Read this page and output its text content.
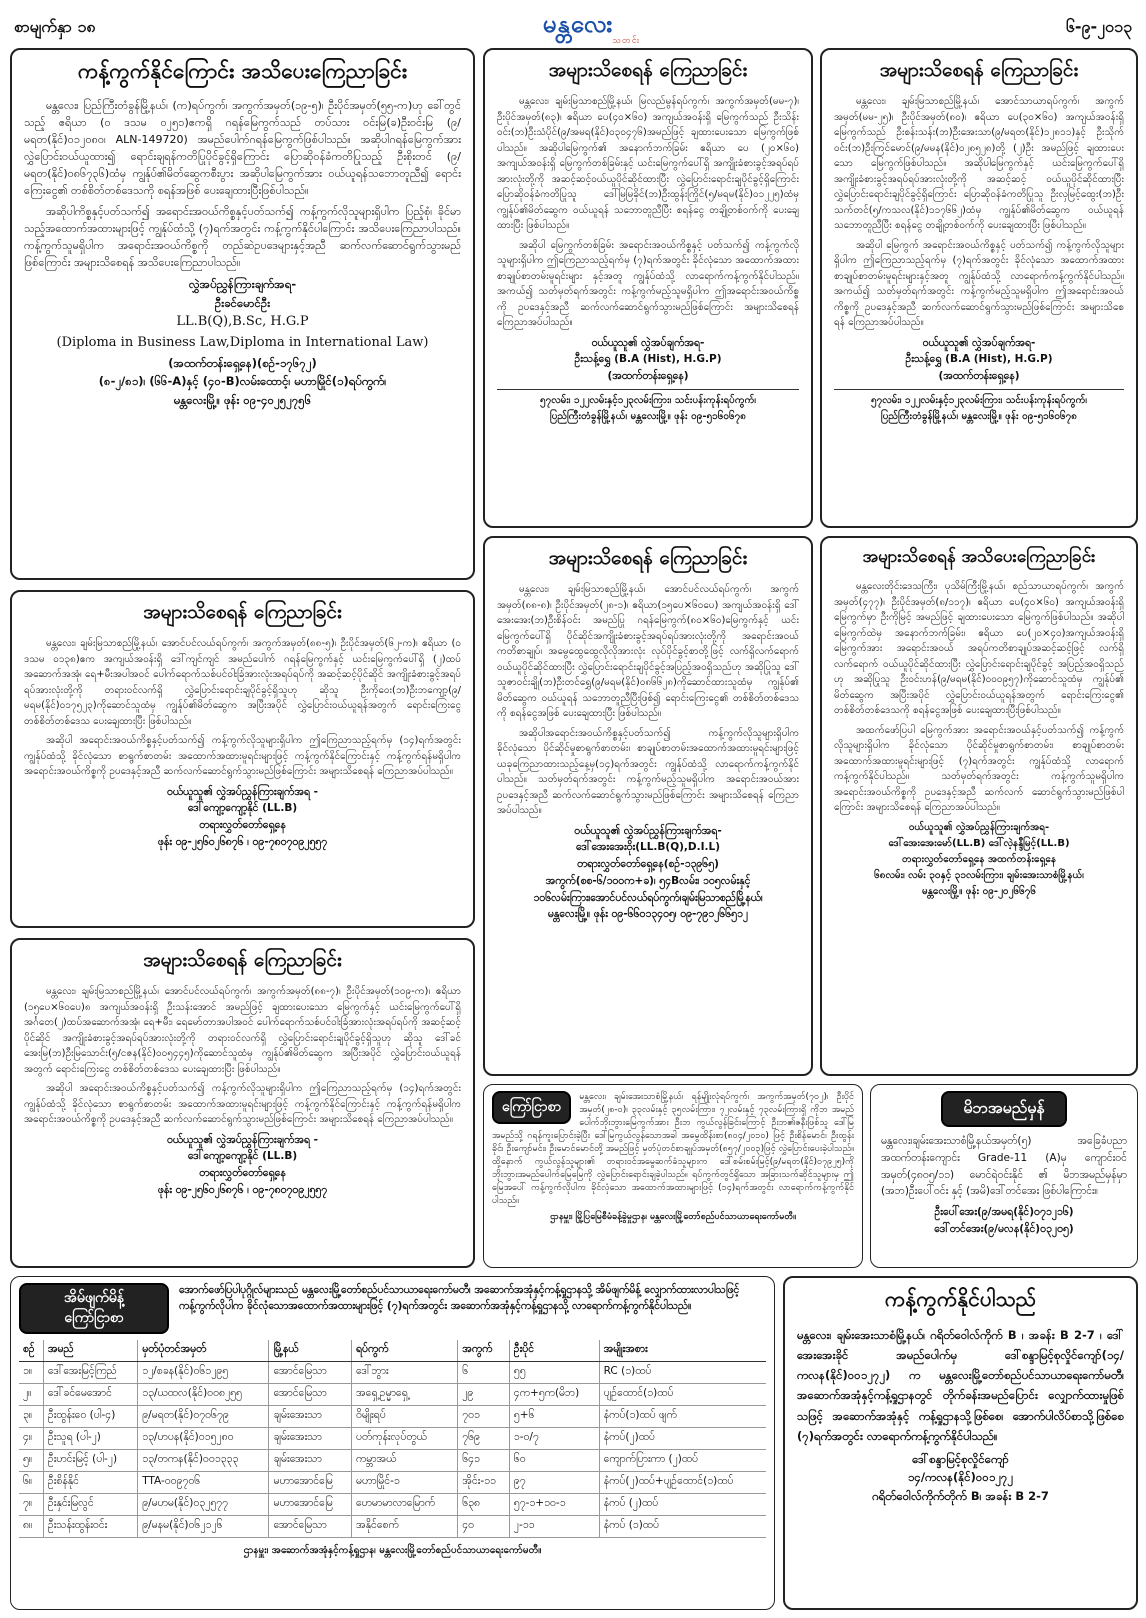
စာမျက်နှာ ၁၈	မန္တလေး
သတင်း
၆-၉-၂၀၁၃
ကန့်ကွက်နိုင်ကြောင်း အသိပေးကြေညာခြင်း

မန္တလေး၊ ပြည်ကြီးတံခွန်မြို့နယ်၊ (က)ရပ်ကွက်၊ အကွက်အမှတ်(၁၉-၅)၊ ဦးပိုင်အမှတ်(၅၅-က)ဟု ခေါ်တွင်သည့် ဧရိယာ (၀ ဒသမ ၀၂၅၁)ဧကရှိ ဂရန်မြေကွက်သည် တပ်သား ဝင်းမြ(ခ)ဦးဝင်းမြ (၉/မရတ(နိုင်)၀၁၂၀၈၀၊ ALN-149720) အမည်ပေါက်ဂရန်မြေကွက်ဖြစ်ပါသည်။ အဆိုပါဂရန်မြေကွက်အား လွှဲပြောင်းဝယ်ယူထား၍ ရောင်းချရန်ကတိပြုပိုင်ခွင့်ရှိကြောင်း ပြောဆိုဝန်ခံကတိပြုသည့် ဦးစိုးတင် (၉/မရတ(နိုင်)၀၈၆၇၃၆)ထံမှ ကျွန်ုပ်၏မိတ်ဆွေကစီးပွား အဆိုပါမြေကွက်အား ဝယ်ယူရန်သဘောတူညီ၍ ရောင်းကြေးငွေ၏ တစ်စိတ်တစ်ဒေသကို စရန်အဖြစ် ပေးချေထားပြီးဖြစ်ပါသည်။

အဆိုပါကိစ္စနှင့်ပတ်သက်၍ အရောင်းအဝယ်ကိစ္စနှင့်ပတ်သက်၍ ကန့်ကွက်လိုသူများရှိပါက ပြည့်စုံ၊ ခိုင်မာသည့်အထောက်အထားများဖြင့် ကျွန်ုပ်ထံသို့ (၇)ရက်အတွင်း ကန့်ကွက်နိုင်ပါကြောင်း အသိပေးကြေညာပါသည်။ ကန့်ကွက်သူမရှိပါက အရောင်းအဝယ်ကိစ္စကို တည်ဆဲဥပဒေများနှင့်အညီ ဆက်လက်ဆောင်ရွက်သွားမည်ဖြစ်ကြောင်း အများသိစေရန် အသိပေးကြေညာပါသည်။

လွှဲအပ်ညွှန်ကြားချက်အရ-
ဦးခင်မောင်ဦး
LL.B(Q),B.Sc, H.G.P
(Diploma in Business Law,Diploma in International Law)
(အထက်တန်းရှေ့နေ)(စဉ်-၁၇၆၇၂)
(၈-၂/၈၁)၊ (၆၆-A)နှင့် (၄၀-B)လမ်းထောင့်၊ မဟာမြိုင်(၁)ရပ်ကွက်၊
မန္တလေးမြို့။ ဖုန်း ၀၉-၄၀၂၅၂၇၅၆
အများသိစေရန် ကြေညာခြင်း

မန္တလေး၊ ချမ်းမြသာစည်မြို့နယ်၊ မြလည်မွန်ရပ်ကွက်၊ အကွက်အမှတ်(မမ-၇)၊ ဦးပိုင်အမှတ်(၈၃)၊ ဧရိယာ ပေ(၄၀×၆၀) အကျယ်အဝန်းရှိ မြေကွက်သည် ဦးသိန်းဝင်း(ဘ)ဦးသံပိုင်(၉/အမရ(နိုင်)၀၃၀၄၇၆)အမည်ဖြင့် ချထားပေးသော မြေကွက်ဖြစ်ပါသည်။ အဆိုပါမြေကွက်၏ အနောက်ဘက်ခြမ်း ဧရိယာ ပေ (၂၀×၆၀) အကျယ်အဝန်းရှိ မြေကွက်တစ်ခြမ်းနှင့် ယင်းမြေကွက်ပေါ်ရှိ အကျိုးခံစားခွင့်အရပ်ရပ်အားလုံးတို့ကို အဆင့်ဆင့်ဝယ်ယူပိုင်ဆိုင်ထားပြီး လွှဲပြောင်းရောင်းချပိုင်ခွင့်ရှိကြောင်း ပြောဆိုဝန်ခံကတိပြုသူ ဒေါ်မြမြခိုင်(ဘ)ဦးထွန်းကြိုင်(၅/မရမ(နိုင်)၀၁၂၂၅)ထံမှ ကျွန်ုပ်၏မိတ်ဆွေက ဝယ်ယူရန် သဘောတူညီပြီး စရန်ငွေ တချို့တစ်ဝက်ကို ပေးချေထားပြီး ဖြစ်ပါသည်။

အဆိုပါ မြေကွက်တစ်ခြမ်း အရောင်းအဝယ်ကိစ္စနှင့် ပတ်သက်၍ ကန့်ကွက်လိုသူများရှိပါက ဤကြေညာသည့်ရက်မှ (၇)ရက်အတွင်း ခိုင်လုံသော အထောက်အထား စာချုပ်စာတမ်းမူရင်းများ နှင့်အတူ ကျွန်ုပ်ထံသို့ လာရောက်ကန့်ကွက်နိုင်ပါသည်။အကယ်၍ သတ်မှတ်ရက်အတွင်း ကန့်ကွက်မည့်သူမရှိပါက ဤအရောင်းအဝယ်ကိစ္စကို ဥပဒေနှင့်အညီ ဆက်လက်ဆောင်ရွက်သွားမည်ဖြစ်ကြောင်း အများသိစေရန် ကြေညာအပ်ပါသည်။

ဝယ်ယူသူ၏ လွှဲအပ်ချက်အရ-
ဦးသန့်ရွှေ (B.A (Hist), H.G.P)
(အထက်တန်းရှေ့နေ)
၅၇လမ်း၊ ၁၂၂လမ်းနှင့်၁၂၃လမ်းကြား၊ သင်းပန်းကုန်းရပ်ကွက်၊
ပြည်ကြီးတံခွန်မြို့နယ်၊ မန္တလေးမြို့။ ဖုန်း ၀၉-၅၁၆၀၆၇၈
အများသိစေရန် ကြေညာခြင်း

မန္တလေး၊ ချမ်းမြသာစည်မြို့နယ်၊ အောင်သာယာရပ်ကွက်၊ အကွက်အမှတ်(မမ-၂၅)၊ ဦးပိုင်အမှတ်(၈၀)၊ ဧရိယာ ပေ(၃၀×၆၀) အကျယ်အဝန်းရှိ မြေကွက်သည် ဦးစန်းသန်း(ဘ)ဦးအေးသာ(၉/မရတ(နိုင်)၁၂၈၁၁)နှင့် ဦးသိုက်ဝင်း(ဘ)ဦးကြင်မောင်(၉/မမန(နိုင်)၀၂၈၅၂၈)တို့ (၂)ဦး အမည်ဖြင့် ချထားပေးသော မြေကွက်ဖြစ်ပါသည်။ အဆိုပါမြေကွက်နှင့် ယင်းမြေကွက်ပေါ်ရှိ အကျိုးခံစားခွင့်အရပ်ရပ်အားလုံးတို့ကို အဆင့်ဆင့် ဝယ်ယူပိုင်ဆိုင်ထားပြီး လွှဲပြောင်းရောင်းချပိုင်ခွင့်ရှိကြောင်း ပြောဆိုဝန်ခံကတိပြုသူ ဦးလှမြင့်ထွေး(ဘ)ဦးသက်တင်(၅/ကသလ(နိုင်)၁၁၇၆၆၂)ထံမှ ကျွန်ုပ်၏မိတ်ဆွေက ဝယ်ယူရန် သဘောတူညီပြီး စရန်ငွေ တချို့တစ်ဝက်ကို ပေးချေထားပြီး ဖြစ်ပါသည်။

အဆိုပါ မြေကွက် အရောင်းအဝယ်ကိစ္စနှင့် ပတ်သက်၍ ကန့်ကွက်လိုသူများရှိပါက ဤကြေညာသည့်ရက်မှ (၇)ရက်အတွင်း ခိုင်လုံသော အထောက်အထား စာချုပ်စာတမ်းမူရင်းများနှင့်အတူ ကျွန်ုပ်ထံသို့ လာရောက်ကန့်ကွက်နိုင်ပါသည်။ အကယ်၍ သတ်မှတ်ရက်အတွင်း ကန့်ကွက်မည့်သူမရှိပါက ဤအရောင်းအဝယ်ကိစ္စကို ဥပဒေနှင့်အညီ ဆက်လက်ဆောင်ရွက်သွားမည်ဖြစ်ကြောင်း အများသိစေရန် ကြေညာအပ်ပါသည်။

ဝယ်ယူသူ၏ လွှဲအပ်ချက်အရ-
ဦးသန့်ရွှေ (B.A (Hist), H.G.P)
(အထက်တန်းရှေ့နေ)
၅၇လမ်း၊ ၁၂၂လမ်းနှင့်၁၂၃လမ်းကြား၊ သင်းပန်းကုန်းရပ်ကွက်၊
ပြည်ကြီးတံခွန်မြို့နယ်၊ မန္တလေးမြို့။ ဖုန်း ၀၉-၅၁၆၀၆၇၈
အများသိစေရန် ကြေညာခြင်း

မန္တလေး၊ ချမ်းမြသာစည်မြို့နယ်၊ အောင်ပင်လယ်ရပ်ကွက်၊ အကွက်အမှတ်(၈၈-၅)၊ ဦးပိုင်အမှတ်(၆၂-က)၊ ဧရိယာ (၀ ဒသမ ၀၁၃၈)ဧက အကျယ်အဝန်းရှိ ဒေါ်ကျင်ကျင် အမည်ပေါက် ဂရန်မြေကွက်နှင့် ယင်းမြေကွက်ပေါ်ရှိ (၂)ထပ်အဆောက်အအုံ၊ ရေ+မီးအပါအဝင် ပေါက်ရောက်သစ်ပင်ဝါးခြံအားလုံးအရပ်ရပ်ကို အဆင့်ဆင့်ပိုင်ဆိုင် အကျိုးခံစားခွင့်အရပ်ရပ်အားလုံးတို့ကို တရားဝင်လက်ရှိ လွှဲပြောင်းရောင်းချပိုင်ခွင့်ရှိသူဟု ဆိုသူ ဦးကိုဝေး(ဘ)ဦးဘကျော့(၉/မရမ(နိုင်)၀၁၇၅၂၃)ကိုဆောင်သူထံမှ ကျွန်ုပ်၏မိတ်ဆွေက အပြီးအပိုင် လွှဲပြောင်းဝယ်ယူရန်အတွက် ရောင်းကြေးငွေ တစ်စိတ်တစ်ဒေသ ပေးချေထားပြီး ဖြစ်ပါသည်။

အဆိုပါ အရောင်းအဝယ်ကိစ္စနှင့်ပတ်သက်၍ ကန့်ကွက်လိုသူများရှိပါက ဤကြေညာသည့်ရက်မှ (၁၄)ရက်အတွင်း ကျွန်ုပ်ထံသို့ ခိုင်လုံသော စာရွက်စာတမ်း အထောက်အထားမူရင်းများဖြင့် ကန့်ကွက်နိုင်ကြောင်းနှင့် ကန့်ကွက်ရန်မရှိပါက အရောင်းအဝယ်ကိစ္စကို ဥပဒေနှင့်အညီ ဆက်လက်ဆောင်ရွက်သွားမည်ဖြစ်ကြောင်း အများသိစေရန် ကြေညာအပ်ပါသည်။

ဝယ်ယူသူ၏ လွှဲအပ်ညွှန်ကြားချက်အရ -
ဒေါ်ကျော့ကျော့နိုင် (LL.B)
တရားလွှတ်တော်ရှေ့နေ
ဖုန်း ၀၉-၂၅၆၀၂၆၈၇၆ ၊ ၀၉-၇၈၀၇၀၉၂၅၅၇
အများသိစေရန် ကြေညာခြင်း

မန္တလေး၊ ချမ်းမြသာစည်မြို့နယ်၊ အောင်ပင်လယ်ရပ်ကွက်၊ အကွက်အမှတ်(၈၈-၇)၊ ဦးပိုင်အမှတ်(၁၀၉-က)၊ ဧရိယာ (၁၅ပေ×၆၀ပေ)၈ အကျယ်အဝန်းရှိ ဦးသန်းအောင် အမည်ဖြင့် ချထားပေးသော မြေကွက်နှင့် ယင်းမြေကွက်ပေါ်ရှိ အင်္ဂတေ(၂)ထပ်အဆောက်အအုံ၊ ရေ+မီး၊ ရေမော်တာအပါအဝင် ပေါက်ရောက်သစ်ပင်ဝါးခြံအားလုံးအရပ်ရပ်ကို အဆင့်ဆင့်ပိုင်ဆိုင် အကျိုးခံစားခွင့်အရပ်ရပ်အားလုံးတို့ကို တရားဝင်လက်ရှိ လွှဲပြောင်းရောင်းချပိုင်ခွင့်ရှိသူဟု ဆိုသူ ဒေါ်ခင်အေးမြ(ဘ)ဦးမြသောင်း(၅/ငဇန(နိုင်)၀၀၅၄၄၅)ကိုဆောင်သူထံမှ ကျွန်ုပ်၏မိတ်ဆွေက အပြီးအပိုင် လွှဲပြောင်းဝယ်ယူရန်အတွက် ရောင်းကြေးငွေ တစ်စိတ်တစ်ဒေသ ပေးချေထားပြီး ဖြစ်ပါသည်။

အဆိုပါ အရောင်းအဝယ်ကိစ္စနှင့်ပတ်သက်၍ ကန့်ကွက်လိုသူများရှိပါက ဤကြေညာသည့်ရက်မှ (၁၄)ရက်အတွင်း ကျွန်ုပ်ထံသို့ ခိုင်လုံသော စာရွက်စာတမ်း အထောက်အထားမူရင်းများဖြင့် ကန့်ကွက်နိုင်ကြောင်းနှင့် ကန့်ကွက်ရန်မရှိပါက အရောင်းအဝယ်ကိစ္စကို ဥပဒေနှင့်အညီ ဆက်လက်ဆောင်ရွက်သွားမည်ဖြစ်ကြောင်း အများသိစေရန် ကြေညာအပ်ပါသည်။

ဝယ်ယူသူ၏ လွှဲအပ်ညွှန်ကြားချက်အရ -
ဒေါ်ကျော့ကျော့နိုင် (LL.B)
တရားလွှတ်တော်ရှေ့နေ
ဖုန်း ၀၉-၂၅၆၀၂၆၈၇၆ ၊ ၀၉-၇၈၀၇၀၉၂၅၅၇
အများသိစေရန် ကြေညာခြင်း

မန္တလေး၊ ချမ်းမြသာစည်မြို့နယ်၊ အောင်ပင်လယ်ရပ်ကွက်၊ အကွက်အမှတ်(၈၈-၈)၊ ဦးပိုင်အမှတ်(၂၈-၁)၊ ဧရိယာ(၁၅ပေ×၆၀ပေ) အကျယ်အဝန်းရှိ ဒေါ်အေးအေး(ဘ)ဦးစိန်ဝင်း အမည်ပြု ဂရန်မြေကွက်(၈၀×၆၀)မြေကွက်နှင့် ယင်းမြေကွက်ပေါ်ရှိ ပိုင်ဆိုင်အကျိုးခံစားခွင့်အရပ်ရပ်အားလုံးတို့ကို အရောင်းအဝယ်ကတိစာချုပ်၊ အမွေထွေထွေလိုလိုအားလုံး လုပ်ပိုင်ခွင့်စာတို့ဖြင့် လက်ရှိလက်ရောက် ဝယ်ယူပိုင်ဆိုင်ထားပြီး လွှဲပြောင်းရောင်းချပိုင်ခွင့်အပြည့်အဝရှိသည်ဟု အဆိုပြုသူ ဒေါ်သူဇာဝင်းချို(ဘ)ဦးတင်ရွှေ(၉/မရမ(နိုင်)၀၈၆၆၂၈)ကိုဆောင်ထားသူထံမှ ကျွန်ုပ်၏ မိတ်ဆွေက ဝယ်ယူရန် သဘောတူညီပြီးဖြစ်၍ ရောင်းကြေးငွေ၏ တစ်စိတ်တစ်ဒေသကို စရန်ငွေအဖြစ် ပေးချေထားပြီး ဖြစ်ပါသည်။

အဆိုပါအရောင်းအဝယ်ကိစ္စနှင့်ပတ်သက်၍ ကန့်ကွက်လိုသူများရှိပါက ခိုင်လုံသော ပိုင်ဆိုင်မှုစာရွက်စာတမ်း၊ စာချုပ်စာတမ်းအထောက်အထားမူရင်းများဖြင့် ယခုကြေညာထားသည့်နေ့မှ(၁၄)ရက်အတွင်း ကျွန်ုပ်ထံသို့ လာရောက်ကန့်ကွက်နိုင်ပါသည်။ သတ်မှတ်ရက်အတွင်း ကန့်ကွက်မည့်သူမရှိပါက အရောင်းအဝယ်အား ဥပဒေနှင့်အညီ ဆက်လက်ဆောင်ရွက်သွားမည်ဖြစ်ကြောင်း အများသိစေရန် ကြေညာအပ်ပါသည်။

ဝယ်ယူသူ၏ လွှဲအပ်ညွှန်ကြားချက်အရ-
ဒေါ်အေးအေးဝိုး(LL.B(Q),D.I.L)
တရားလွှတ်တော်ရှေ့နေ(စဉ်-၁၃၉၆၅)
အကွက်(စစ-၆/၁၀၀က+ခ)၊ ၅၄Bလမ်း၊ ၁၀၅လမ်းနှင့်
၁၀၆လမ်းကြား၊အောင်ပင်လယ်ရပ်ကွက်၊ချမ်းမြသာစည်မြို့နယ်၊
မန္တလေးမြို့။ ဖုန်း ၀၉-၆၆၀၁၃၄၀၅၊ ၀၉-၇၉၁၂၆၆၅၁၂
အများသိစေရန် အသိပေးကြေညာခြင်း

မန္တလေးတိုင်းဒေသကြီး၊ ပုသိမ်ကြီးမြို့နယ်၊ စည်သာယာရပ်ကွက်၊ အကွက်အမှတ်(၄၇၇)၊ ဦးပိုင်အမှတ်(၈/၁၁၇)၊ ဧရိယာ ပေ(၄၀×၆၀) အကျယ်အဝန်းရှိ မြေကွက်မှာ ဦးကိုမြင့် အမည်ဖြင့် ချထားပေးသော မြေကွက်ဖြစ်ပါသည်။ အဆိုပါမြေကွက်ထဲမှ အနောက်ဘက်ခြမ်း၊ ဧရိယာ ပေ(၂၀×၄၀)အကျယ်အဝန်းရှိ မြေကွက်အား အရောင်းအဝယ် အရပ်ကတိစာချုပ်အဆင့်ဆင့်ဖြင့် လက်ရှိလက်ရောက် ဝယ်ယူပိုင်ဆိုင်ထားပြီး လွှဲပြောင်းရောင်းချပိုင်ခွင့် အပြည့်အဝရှိသည်ဟု အဆိုပြုသူ ဦးဝင်းဟန်(၉/မရမ(နိုင်)၀၀၀၉၅၇)ကိုဆောင်သူထံမှ ကျွန်ုပ်၏ မိတ်ဆွေက အပြီးအပိုင် လွှဲပြောင်းဝယ်ယူရန်အတွက် ရောင်းကြေးငွေ၏ တစ်စိတ်တစ်ဒေသကို စရန်ငွေအဖြစ် ပေးချေထားပြီးဖြစ်ပါသည်။

အထက်ဖော်ပြပါ မြေကွက်အား အရောင်းအဝယ်နှင့်ပတ်သက်၍ ကန့်ကွက်လိုသူများရှိပါက ခိုင်လုံသော ပိုင်ဆိုင်မှုစာရွက်စာတမ်း၊ စာချုပ်စာတမ်းအထောက်အထားမူရင်းများဖြင့် (၇)ရက်အတွင်း ကျွန်ုပ်ထံသို့ လာရောက်ကန့်ကွက်နိုင်ပါသည်။ သတ်မှတ်ရက်အတွင်း ကန့်ကွက်သူမရှိပါက အရောင်းအဝယ်ကိစ္စကို ဥပဒေနှင့်အညီ ဆက်လက် ဆောင်ရွက်သွားမည်ဖြစ်ပါကြောင်း အများသိစေရန် ကြေညာအပ်ပါသည်။

ဝယ်ယူသူ၏ လွှဲအပ်ညွှန်ကြားချက်အရ-
ဒေါ်အေးအေးမော်(LL.B) ဒေါ်လဲ့နန္ဒီမြင့်(LL.B)
တရားလွှတ်တော်ရှေ့နေ အထက်တန်းရှေ့နေ
၆၈လမ်း၊ လမ်း ၃၀နှင့် ၃၁လမ်းကြား၊ ချမ်းအေးသာစံမြို့နယ်၊
မန္တလေးမြို့။ ဖုန်း ၀၉-၂၀၂၆၆၇၆
ကြော်ငြာစာ
မန္တလေး၊ ချမ်းအေးသာစံမြို့နယ်၊ ရန်မျိုးလုံရပ်ကွက်၊ အကွက်အမှတ်(၇၀၂)၊ ဦးပိုင်အမှတ်(၂၈-၀)၊ ၃၃လမ်းနှင့် ၃၅လမ်းကြား၊ ၇၂လမ်းနှင့် ၇၃လမ်းကြားရှိ ကိုဘ အမည်ပေါက်ဘိုးဘွားမြေကွက်အား ဦးဘ ကွယ်လွန်ခြင်းကြောင့် ဦးဘ၏ဇနီးဖြစ်သူ ဒေါ်မြ အမည်သို့ ဂရန်ကူးပြောင်းခဲ့ပြီး ဒေါ်မြကွယ်လွန်သောအခါ အမွေထိန်းစာ(၈၀၄/၂၀၁၀) ဖြင့် ဦးစိန်မောင်၊ ဦးထွန်းခိုင်၊ ဦးကျော်မင်း၊ ဦးမောင်မောင်တို့ အမည်ဖြင့် မှတ်ပုံတင်စာချုပ်အမှတ်(၈၅၇/၂၀၀၃)ဖြင့် လွှဲပြောင်းပေးခဲ့ပါသည်။ ထို့နောက် ကွယ်လွန်သူများ၏ တရားဝင်အမွေဆက်ခံသူများက ဒေါ်စမ်းစမ်းမြင့်(၉/မရတ(နိုင်)၀၇၉၂၅)ကို ဘိုးဘွားအမည်ပေါက်မြေမြေကို လွှဲပြောင်းရောင်းချခဲ့ပါသည်။ ရပ်ကွက်တွင်ရှိသော အခြားသက်ဆိုင်သူများမှ ဤမြေအပေါ် ကန့်ကွက်လိုပါက ခိုင်လုံသော အထောက်အထားများဖြင့် (၁၄)ရက်အတွင်း လာရောက်ကန့်ကွက်နိုင်ပါသည်။
ဌာနမှူး၊ မြို့ပြမြေစီမံခန့်ခွဲမှုဌာန၊ မန္တလေးမြို့တော်စည်ပင်သာယာရေးကော်မတီ။
မိဘအမည်မှန်
မန္တလေး၊ချမ်းအေးသာစံမြို့နယ်အမှတ်(၅) အခြေခံပညာအထက်တန်းကျောင်း Grade-11 (A)မှ ကျောင်းဝင်အမှတ်(၄၈၀၅/၁၁) မောင်ရဲဝင်းနိုင် ၏ မိဘအမည်မှန်မှာ (အဘ)ဦးပေါ်ဝင်း နှင့် (အမိ)ဒေါ်တင်အေး ဖြစ်ပါကြောင်း။
ဦးပေါ်အေး(၉/အမရ(နိုင်)၀၇၁၂၁၆)
ဒေါ်တင်အေး(၉/မလန(နိုင်)၀၃၂၀၅)
အိမ်ဖျက်မိန့်
ကြော်ငြာစာ
အောက်ဖော်ပြပါပုဂ္ဂိုလ်များသည် မန္တလေးမြို့တော်စည်ပင်သာယာရေးကော်မတီ၊ အဆောက်အအုံနှင့်ကန့်ရှုဌာနသို့ အိမ်ဖျက်မိန့် လျှောက်ထားလာပါသဖြင့် ကန့်ကွက်လိုပါက ခိုင်လုံသောအထောက်အထားများဖြင့် (၇)ရက်အတွင်း အဆောက်အအုံနှင့်ကန့်ရှုဌာနသို့ လာရောက်ကန့်ကွက်နိုင်ပါသည်။
စဉ်	အမည်	မှတ်ပုံတင်အမှတ်	မြို့နယ်	ရပ်ကွက်	အကွက်	ဦးပိုင်	အမျိုးအစား
၁။	ဒေါ်အေးမြင့်ကြည်	၁၂/စခန(နိုင်)၀၆၁၂၉၅	အောင်မြေသာ	ဒေါ်ဘွား	၆	၅၅	RC (၁)ထပ်
၂။	ဒေါ်ခင်မေအောင်	၁၃/ယထလ(နိုင်)၀၀၈၂၅၅	အောင်မြေသာ	အရှေ့ဥမ္မာရှေ့	၂၉	၄က+၅က(မိဘ)	ပျဉ်ထောင်(၁)ထပ်
၃။	ဦးထွန်းဝေ (ပါ-၄)	၉/မရတ(နိုင်)၀၇၀၆၇၉	ချမ်းအေးသာ	ဝိမျိုးရပ်	၇၀၁	၅+၆	နံကပ်(၁)ထပ် ဖျက်
၄။	ဦးသူရ (ပါ-၂)	၁၃/ဟပန(နိုင်)၀၁၅၂၈၀	ချမ်းအေးသာ	ပတ်ကုန်းလုပ်တွယ်	၇၆၉	၁-၀/၇	နံကပ်(၂)ထပ်
၅။	ဦးဟင်းမြင့် (ပါ-၂)	၁၃/တကန(နိုင်)၀၀၁၃၃၃	ချမ်းအေးသာ	ကမ္ဘာအယ်	၆၄၁	၆၀	ကျောက်ပြားကာ (၂)ထပ်
၆။	ဦးစိန်နိုင်	TTA-၀၀၉၇၀၆	မဟာအောင်မြေ	မဟာမြိုင်-၁	အိုင်း-၁၁	၉၇	နံကပ်(၂)ထပ်+ပျဉ်ထောင်(၁)ထပ်
၇။	ဦးနှင်းမြလွင်	၉/မဟမ(နိုင်)၀၃၂၅၇၇	မဟာအောင်မြေ	ဟေမာမာလာမြောက်	၆၃၈	၅၇-၁+၁၀-၁	နံကပ် (၂)ထပ်
၈။	ဦးသန်းထွန်းဝင်း	၉/မနမ(နိုင်)၀၆၂၁၂၆	အောင်မြေသာ	အနိုင်စေက်	၄၀	၂-၁၁	နံကပ် (၁)ထပ်
ဌာနမှူး၊ အဆောက်အအုံနှင့်ကန့်ရှုဌာန၊ မန္တလေးမြို့တော်စည်ပင်သာယာရေးကော်မတီ။
ကန့်ကွက်နိုင်ပါသည်
မန္တလေး၊ ချမ်းအေးသာစံမြို့နယ်၊ ဂရိတ်ဝေါလ်ကိုက် B ၊ အခန်း B 2-7 ၊ ဒေါ်အေးအေးခိုင် အမည်ပေါက်မှ ဒေါ်စန္ဒာမြင့်စုလှိုင်ကျော်(၁၄/ကလန(နိုင်)၀၀၁၂၇၂) က မန္တလေးမြို့တော်စည်ပင်သာယာရေးကော်မတီ၊ အဆောက်အအုံနှင့်ကန့်ရှုဌာနတွင် တိုက်ခန်းအမည်ပြောင်း လျှောက်ထားမှုဖြစ်သဖြင့် အဆောက်အအုံနှင့် ကန့်ရှုဌာနသို့ဖြစ်စေ၊ အောက်ပါလိပ်စာသို့ဖြစ်စေ (၇)ရက်အတွင်း လာရောက်ကန့်ကွက်နိုင်ပါသည်။
ဒေါ်စန္ဒာမြင့်စုလှိုင်ကျော်
၁၄/ကလန(နိုင်)၀၀၁၂၇၂
ဂရိတ်ဝေါလ်ကိုက်တိုက် B၊ အခန်း B 2-7
